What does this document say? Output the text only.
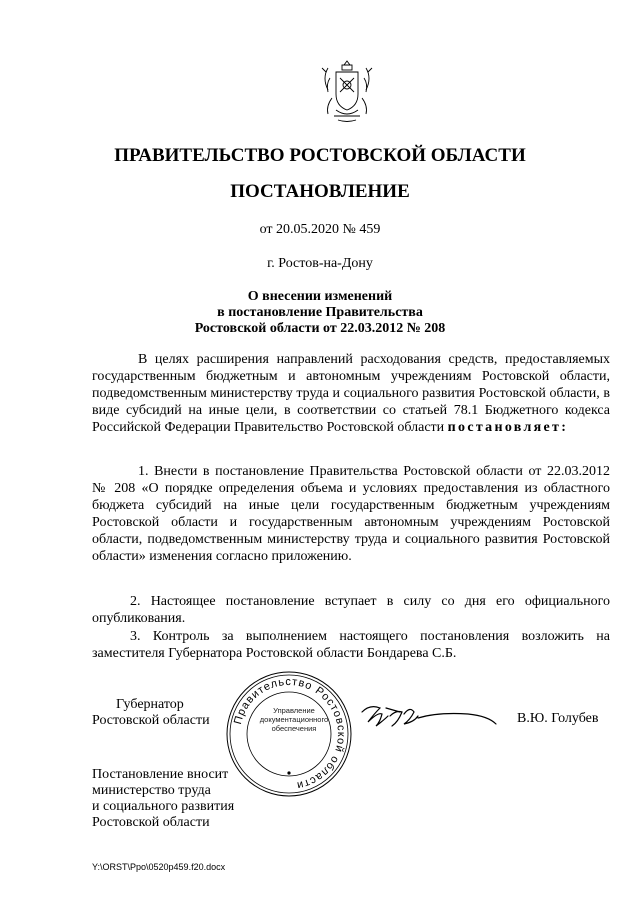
ПРАВИТЕЛЬСТВО РОСТОВСКОЙ ОБЛАСТИ
ПОСТАНОВЛЕНИЕ
от 20.05.2020 № 459
г. Ростов-на-Дону
О внесении изменений
в постановление Правительства
Ростовской области от 22.03.2012 № 208
В целях расширения направлений расходования средств, предоставляемых государственным бюджетным и автономным учреждениям Ростовской области, подведомственным министерству труда и социального развития Ростовской области, в виде субсидий на иные цели, в соответствии со статьей 78.1 Бюджетного кодекса Российской Федерации Правительство Ростовской области постановляет:
1. Внести в постановление Правительства Ростовской области от 22.03.2012 № 208 «О порядке определения объема и условиях предоставления из областного бюджета субсидий на иные цели государственным бюджетным учреждениям Ростовской области и государственным автономным учреждениям Ростовской области, подведомственным министерству труда и социального развития Ростовской области» изменения согласно приложению.
2. Настоящее постановление вступает в силу со дня его официального опубликования.
3. Контроль за выполнением настоящего постановления возложить на заместителя Губернатора Ростовской области Бондарева С.Б.
Губернатор
Ростовской области Правительство Ростовской области
Управление
документационного
обеспечения
В.Ю. Голубев
Постановление вносит
министерство труда
и социального развития
Ростовской области
Y:\ORST\Ppo\0520p459.f20.docx
